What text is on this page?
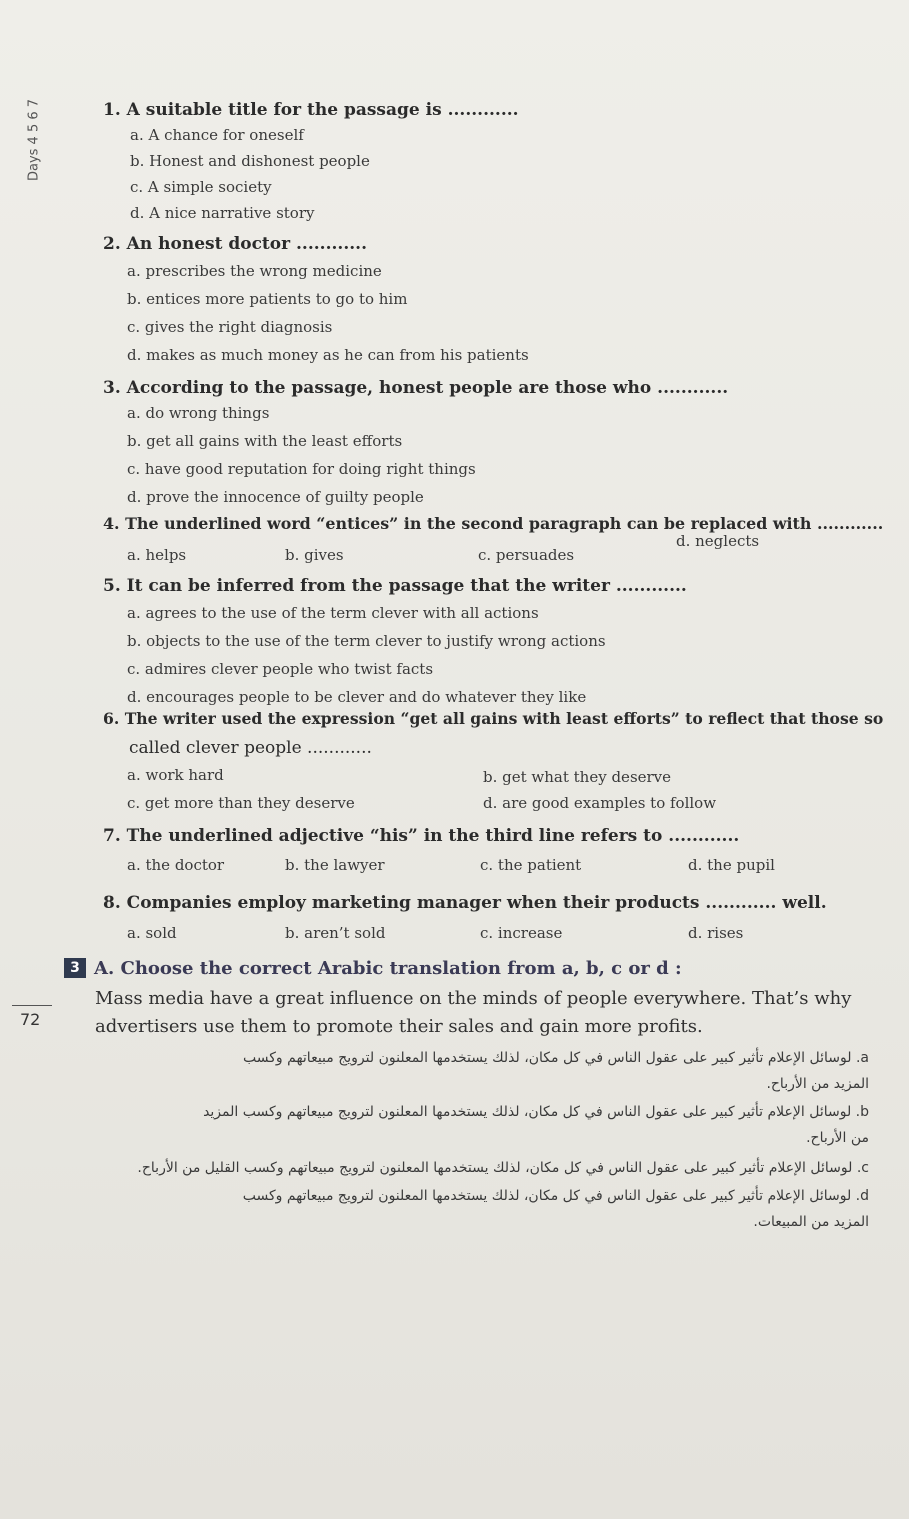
Days 4 5 6 7	1. A suitable title for the passage is ............
a. A chance for oneself
b. Honest and dishonest people
c. A simple society
d. A nice narrative story
2. An honest doctor ............
a. prescribes the wrong medicine
b. entices more patients to go to him
c. gives the right diagnosis
d. makes as much money as he can from his patients
3. According to the passage, honest people are those who ............
a. do wrong things
b. get all gains with the least efforts
c. have good reputation for doing right things
d. prove the innocence of guilty people
4. The underlined word “entices” in the second paragraph can be replaced with ............
a. helps	b. gives	c. persuades
d. neglects
5. It can be inferred from the passage that the writer ............
a. agrees to the use of the term clever with all actions
b. objects to the use of the term clever to justify wrong actions
c. admires clever people who twist facts
d. encourages people to be clever and do whatever they like
6. The writer used the expression “get all gains with least efforts” to reflect that those so
called clever people ............
a. work hard	b. get what they deserve
c. get more than they deserve	d. are good examples to follow
7. The underlined adjective “his” in the third line refers to ............
a. the doctor	b. the lawyer	c. the patient	d. the pupil
8. Companies employ marketing manager when their products ............ well.
a. sold	b. aren’t sold	c. increase	d. rises
3 A. Choose the correct Arabic translation from a, b, c or d :
Mass media have a great influence on the minds of people everywhere. That’s why
advertisers use them to promote their sales and gain more profits.
a. لوسائل الإعلام تأثير كبير على عقول الناس في كل مكان، لذلك يستخدمها المعلنون لترويج مبيعاتهم وكسب
المزيد من الأرباح.
b. لوسائل الإعلام تأثير كبير على عقول الناس في كل مكان، لذلك يستخدمها المعلنون لترويج مبيعاتهم وكسب المزيد
من الأرباح.
c. لوسائل الإعلام تأثير كبير على عقول الناس في كل مكان، لذلك يستخدمها المعلنون لترويج مبيعاتهم وكسب القليل من الأرباح.
d. لوسائل الإعلام تأثير كبير على عقول الناس في كل مكان، لذلك يستخدمها المعلنون لترويج مبيعاتهم وكسب
المزيد من المبيعات.
72
